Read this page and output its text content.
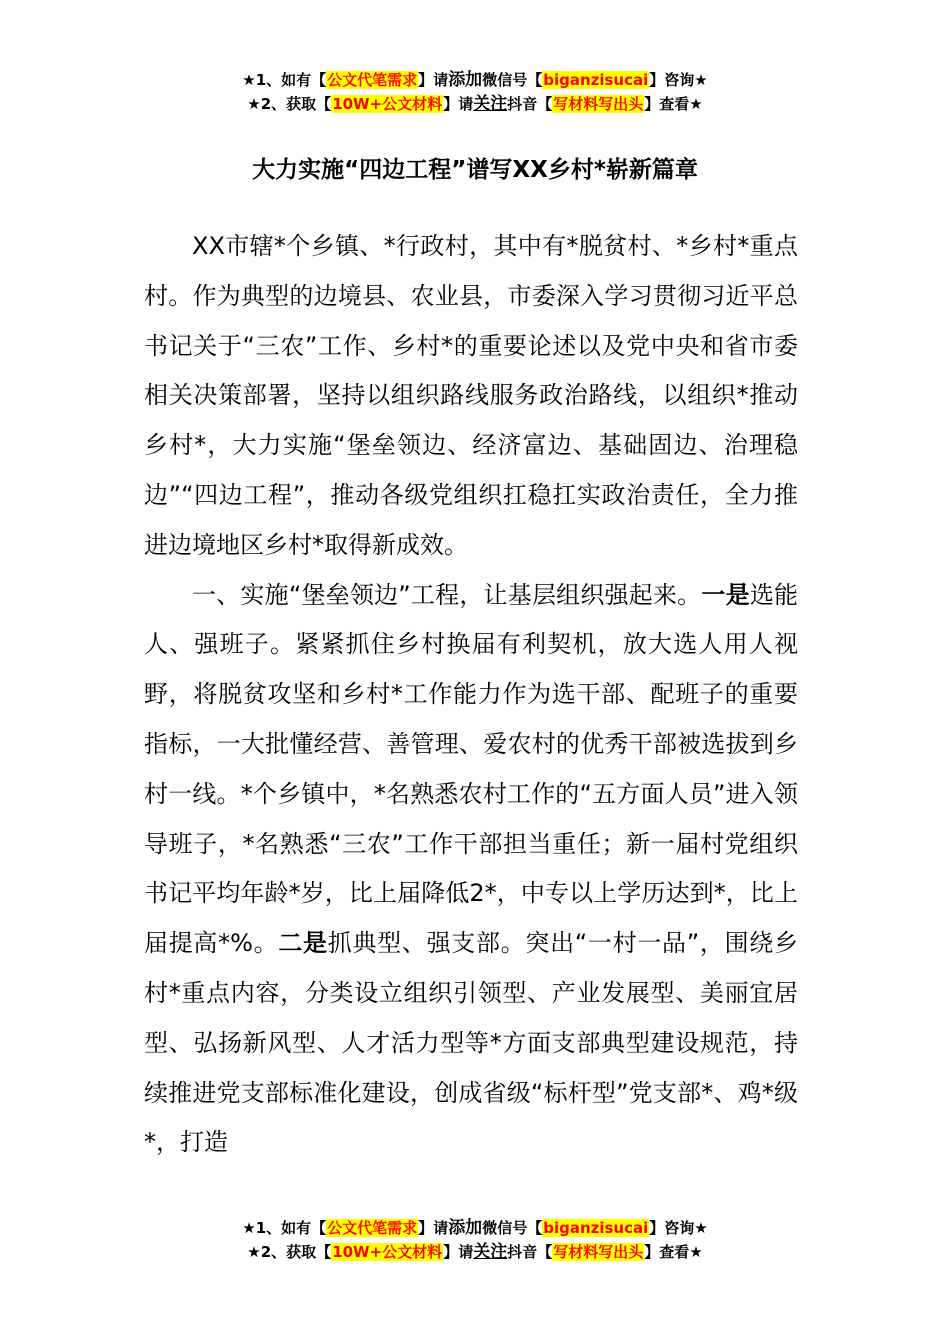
★1、如有【公文代笔需求】请添加微信号【biganzisucai】咨询★
★2、获取【10W+公文材料】请关注抖音【写材料写出头】查看★
大力实施“四边工程”谱写XX乡村*崭新篇章

XX市辖*个乡镇、*行政村，其中有*脱贫村、*乡村*重点村。作为典型的边境县、农业县，市委深入学习贯彻习近平总书记关于“三农”工作、乡村*的重要论述以及党中央和省市委相关决策部署，坚持以组织路线服务政治路线，以组织*推动乡村*，大力实施“堡垒领边、经济富边、基础固边、治理稳边”“四边工程”，推动各级党组织扛稳扛实政治责任，全力推进边境地区乡村*取得新成效。

一、实施“堡垒领边”工程，让基层组织强起来。一是选能人、强班子。紧紧抓住乡村换届有利契机，放大选人用人视野，将脱贫攻坚和乡村*工作能力作为选干部、配班子的重要指标，一大批懂经营、善管理、爱农村的优秀干部被选拔到乡村一线。*个乡镇中，*名熟悉农村工作的“五方面人员”进入领导班子，*名熟悉“三农”工作干部担当重任；新一届村党组织书记平均年龄*岁，比上届降低2*，中专以上学历达到*，比上届提高*%。二是抓典型、强支部。突出“一村一品”，围绕乡村*重点内容，分类设立组织引领型、产业发展型、美丽宜居型、弘扬新风型、人才活力型等*方面支部典型建设规范，持续推进党支部标准化建设，创成省级“标杆型”党支部*、鸡*级*，打造

★1、如有【公文代笔需求】请添加微信号【biganzisucai】咨询★
★2、获取【10W+公文材料】请关注抖音【写材料写出头】查看★
